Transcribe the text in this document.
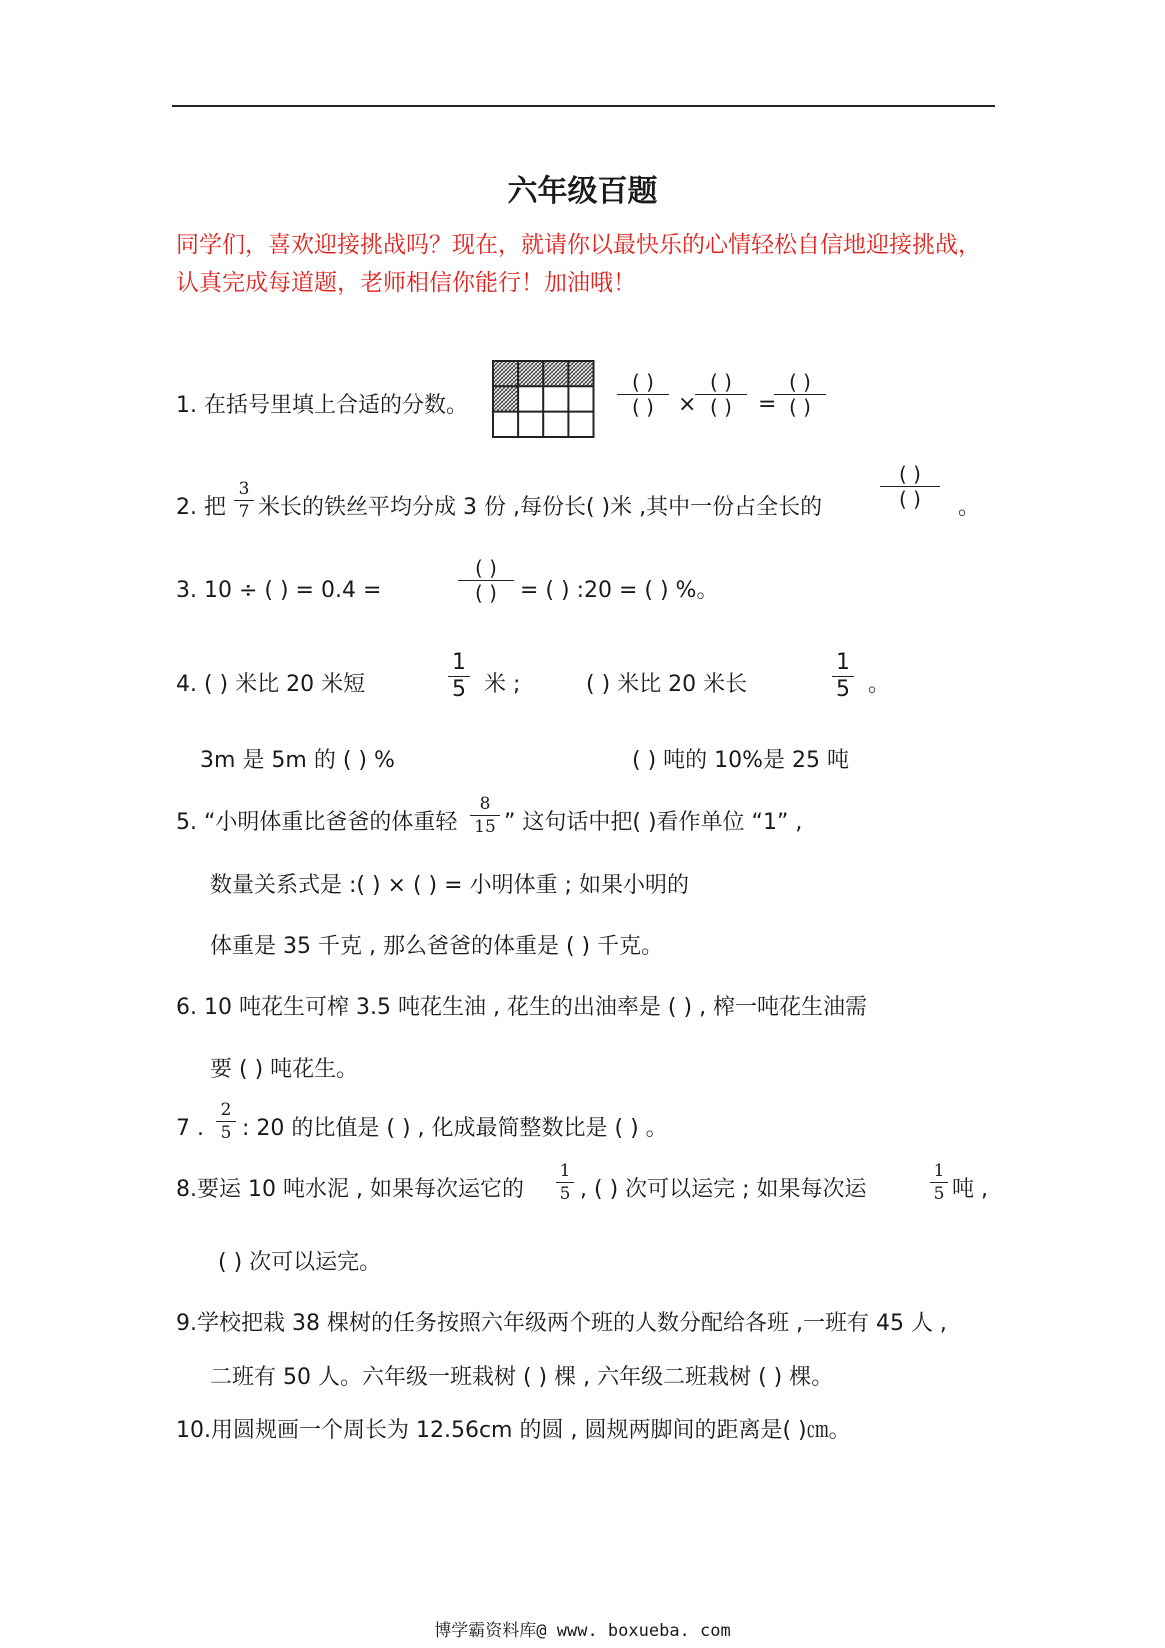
六年级百题
同学们，喜欢迎接挑战吗？现在，就请你以最快乐的心情轻松自信地迎接挑战，
认真完成每道题，老师相信你能行！加油哦！
1. 在括号里填上合适的分数。
( )
( )	×
( )
( )	=
( )
( )
2. 把
3
7 米长的铁丝平均分成 3 份 ,每份长( )米 ,其中一份占全长的
( )
( )	。
3. 10 ÷ ( ) = 0.4 =
( )
( )	= ( ) :20 = ( ) %。
4. ( ) 米比 20 米短
1
5 米 ;	( ) 米比 20 米长
1
5 。
3m 是 5m 的 ( ) %	( ) 吨的 10%是 25 吨
5. “小明体重比爸爸的体重轻
8
15 ” 这句话中把( )看作单位 “1” ,
数量关系式是 :( ) × ( ) = 小明体重 ; 如果小明的
体重是 35 千克 , 那么爸爸的体重是 ( ) 千克。
6. 10 吨花生可榨 3.5 吨花生油 , 花生的出油率是 ( ) , 榨一吨花生油需
要 ( ) 吨花生。
7 .
2
5 : 20 的比值是 ( ) , 化成最简整数比是 ( ) 。
8.要运 10 吨水泥 , 如果每次运它的
1
5 , ( ) 次可以运完 ; 如果每次运
1
5 吨 ,
( ) 次可以运完。
9.学校把栽 38 棵树的任务按照六年级两个班的人数分配给各班 ,一班有 45 人 ,
二班有 50 人。六年级一班栽树 ( ) 棵 , 六年级二班栽树 ( ) 棵。
10.用圆规画一个周长为 12.56cm 的圆 , 圆规两脚间的距离是( )㎝。
博学霸资料库@ www. boxueba. com
